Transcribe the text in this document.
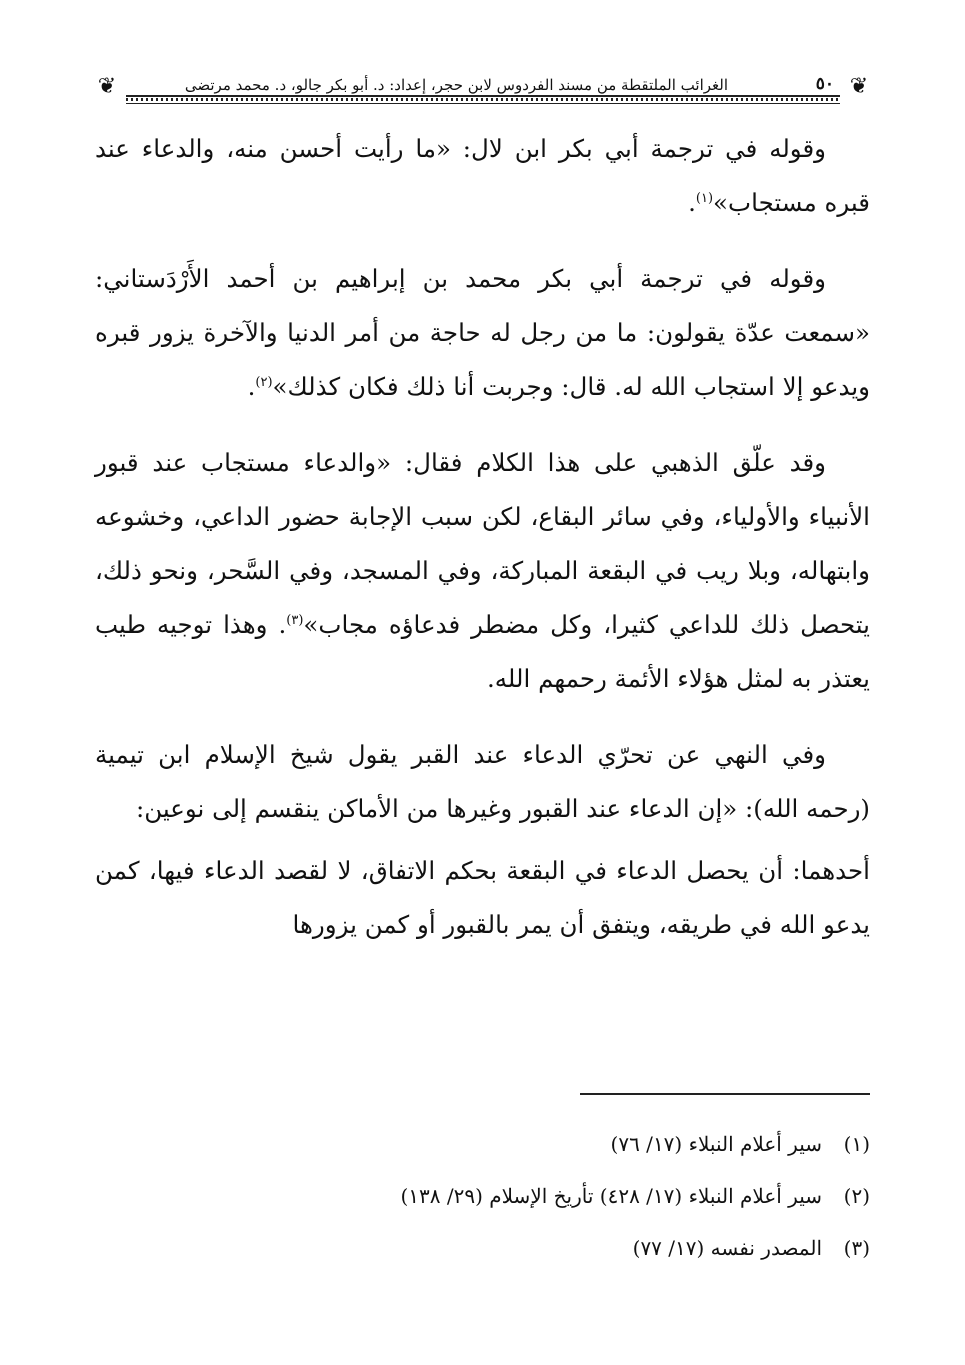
❦
٥٠
الغرائب الملتقطة من مسند الفردوس لابن حجر، إعداد: د. أبو بكر جالو، د. محمد مرتضى
❦

وقوله في ترجمة أبي بكر ابن لال: «ما رأيت أحسن منه، والدعاء عند قبره مستجاب»$^{(١)}$.

وقوله في ترجمة أبي بكر محمد بن إبراهيم بن أحمد الأَرْدَستاني: «سمعت عدّة يقولون: ما من رجل له حاجة من أمر الدنيا والآخرة يزور قبره ويدعو إلا استجاب الله له. قال: وجربت أنا ذلك فكان كذلك»$^{(٢)}$.

وقد علّق الذهبي على هذا الكلام فقال: «والدعاء مستجاب عند قبور الأنبياء والأولياء، وفي سائر البقاع، لكن سبب الإجابة حضور الداعي، وخشوعه وابتهاله، وبلا ريب في البقعة المباركة، وفي المسجد، وفي السَّحر، ونحو ذلك، يتحصل ذلك للداعي كثيرا، وكل مضطر فدعاؤه مجاب»$^{(٣)}$. وهذا توجيه طيب يعتذر به لمثل هؤلاء الأئمة رحمهم الله.

وفي النهي عن تحرّي الدعاء عند القبر يقول شيخ الإسلام ابن تيمية (رحمه الله): «إن الدعاء عند القبور وغيرها من الأماكن ينقسم إلى نوعين:

أحدهما: أن يحصل الدعاء في البقعة بحكم الاتفاق، لا لقصد الدعاء فيها، كمن يدعو الله في طريقه، ويتفق أن يمر بالقبور أو كمن يزورها

(١)سير أعلام النبلاء (١٧/ ٧٦)

(٢)سير أعلام النبلاء (١٧/ ٤٢٨) تأريخ الإسلام (٢٩/ ١٣٨)

(٣)المصدر نفسه (١٧/ ٧٧)
